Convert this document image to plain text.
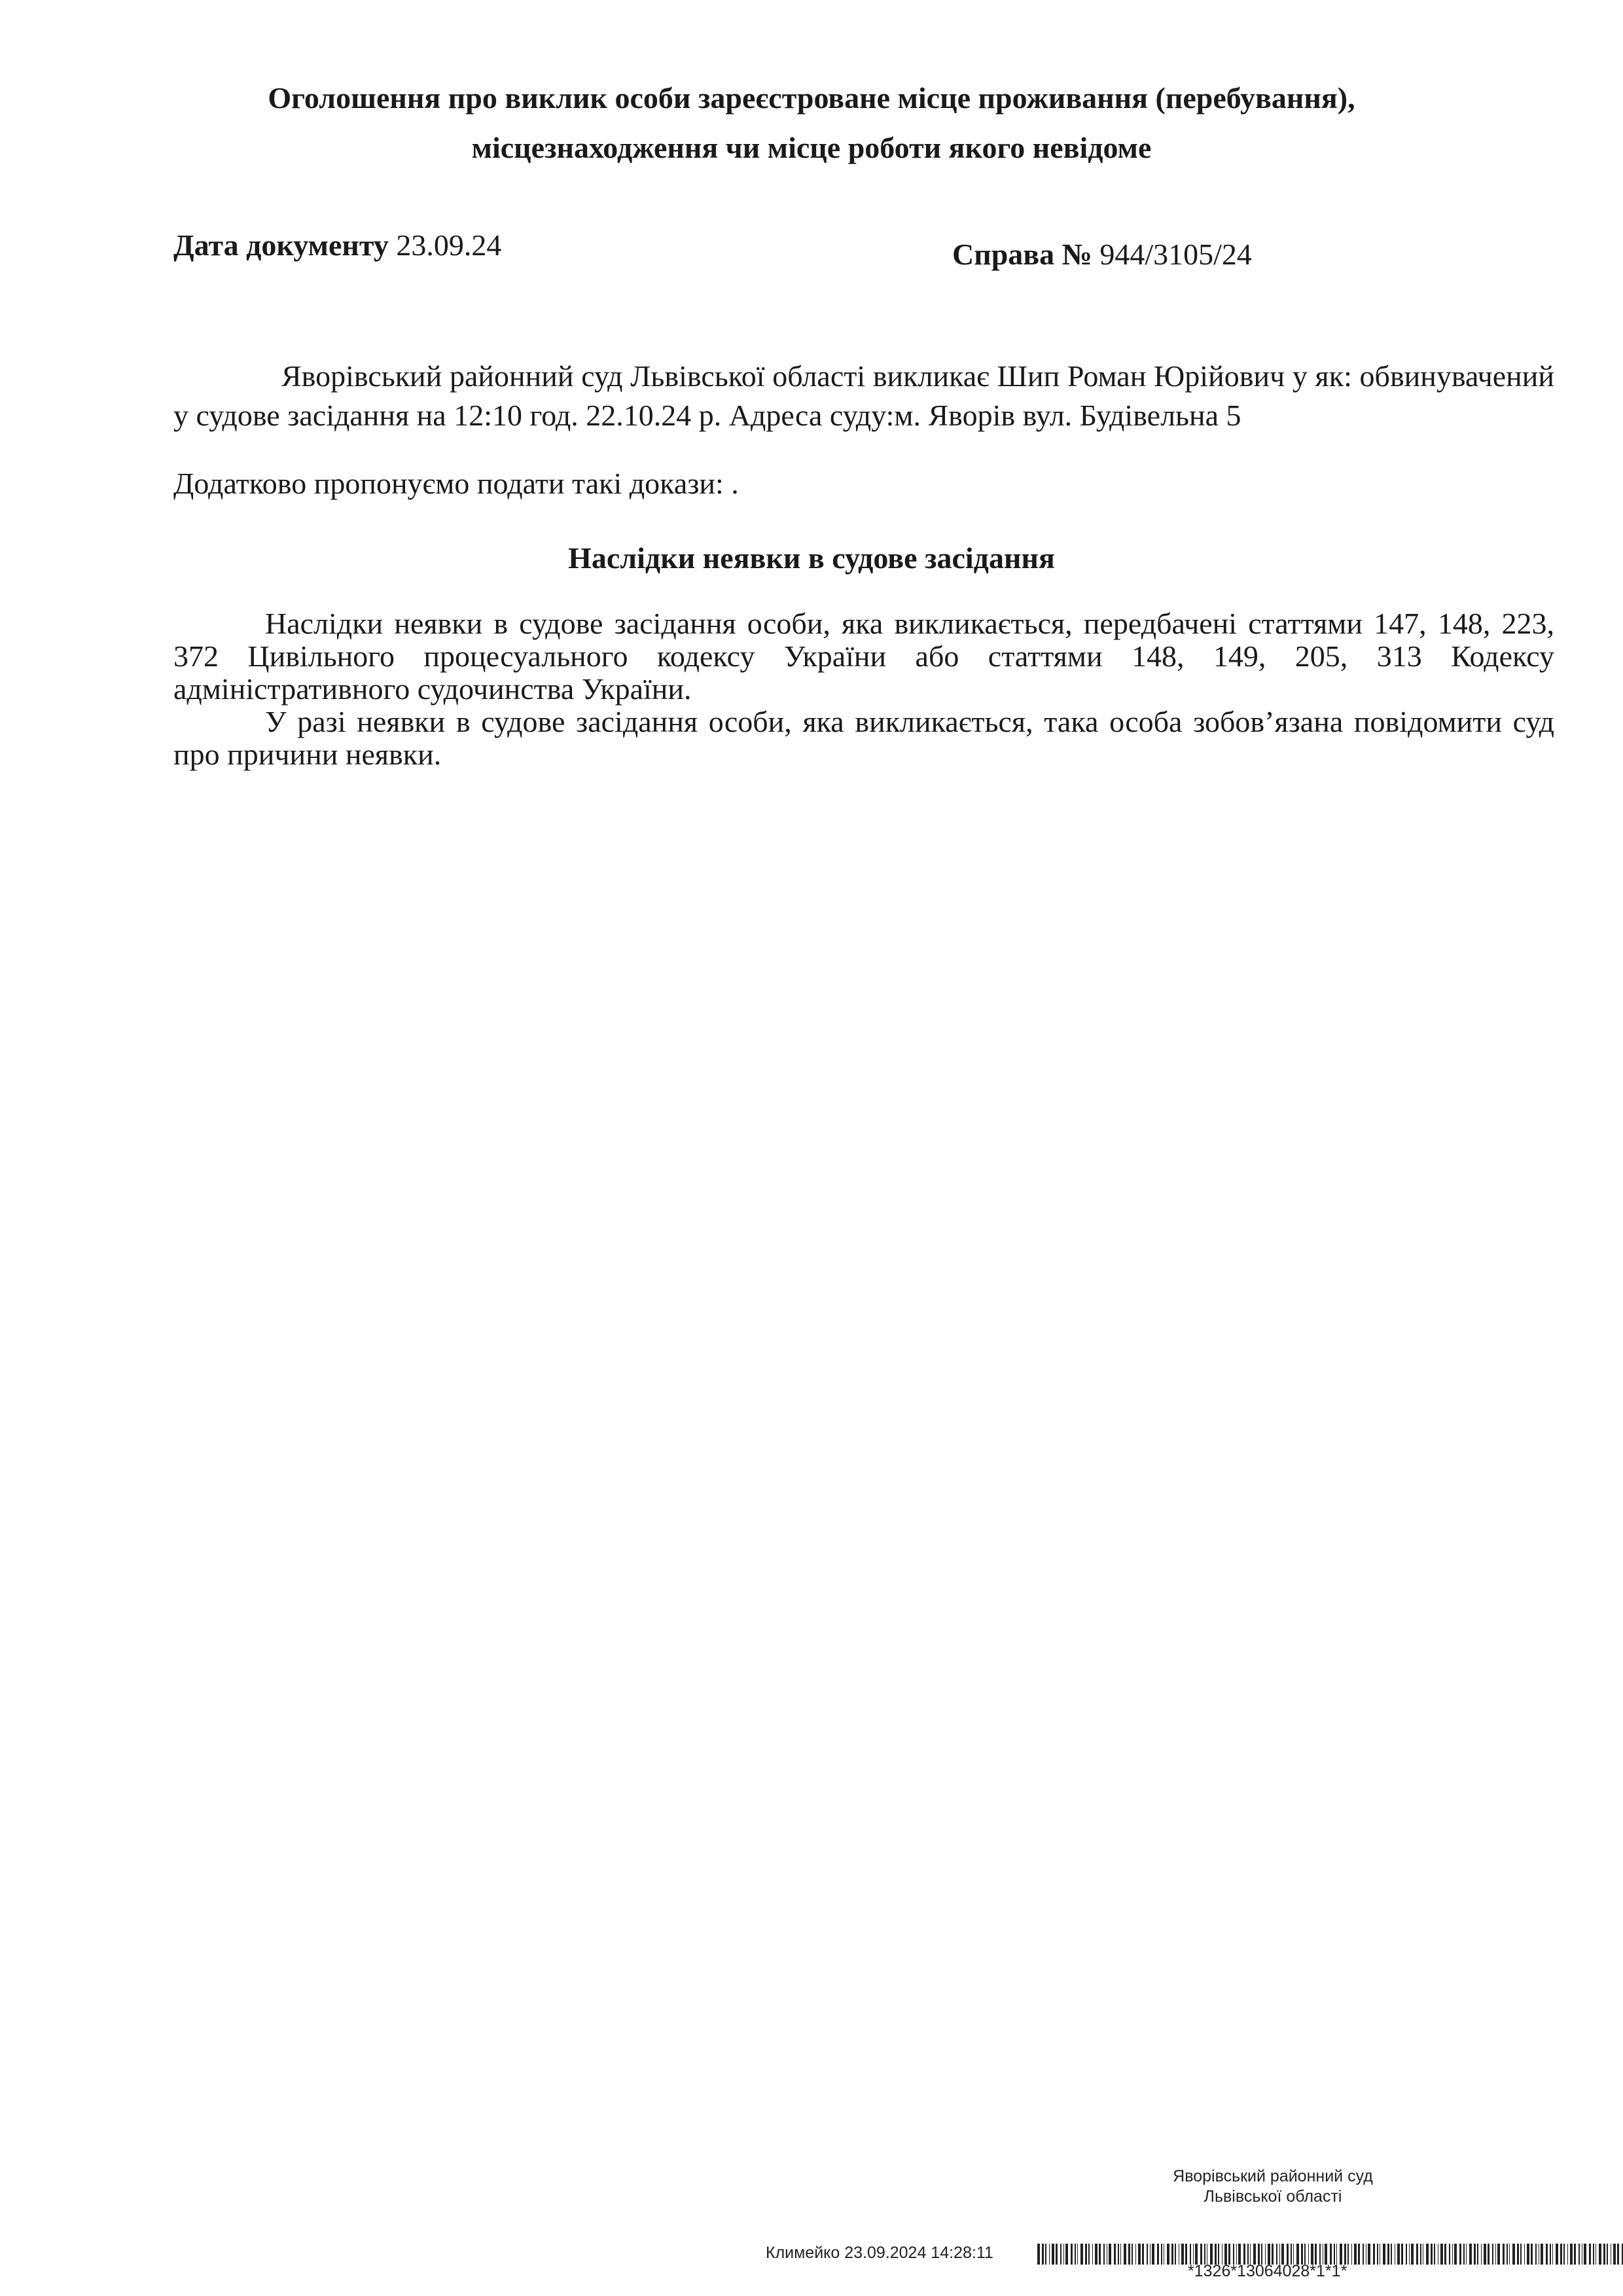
Оголошення про виклик особи зареєстроване місце проживання (перебування),
місцезнаходження чи місце роботи якого невідоме
Дата документу 23.09.24	Справа № 944/3105/24

Яворівський районний суд Львівської області викликає Шип Роман Юрійович у як: обвинувачений у судове засідання на 12:10 год. 22.10.24 р. Адреса суду:м. Яворів вул. Будівельна 5

Додатково пропонуємо подати такі докази: .
Наслідки неявки в судове засідання

Наслідки неявки в судове засідання особи, яка викликається, передбачені статтями 147, 148, 223, 372 Цивільного процесуального кодексу України або статтями 148, 149, 205, 313 Кодексу адміністративного судочинства України.

У разі неявки в судове засідання особи, яка викликається, така особа зобов’язана повідомити суд про причини неявки.

Яворівський районний суд
Львівської області
Климейко 23.09.2024 14:28:11
*1326*13064028*1*1*
